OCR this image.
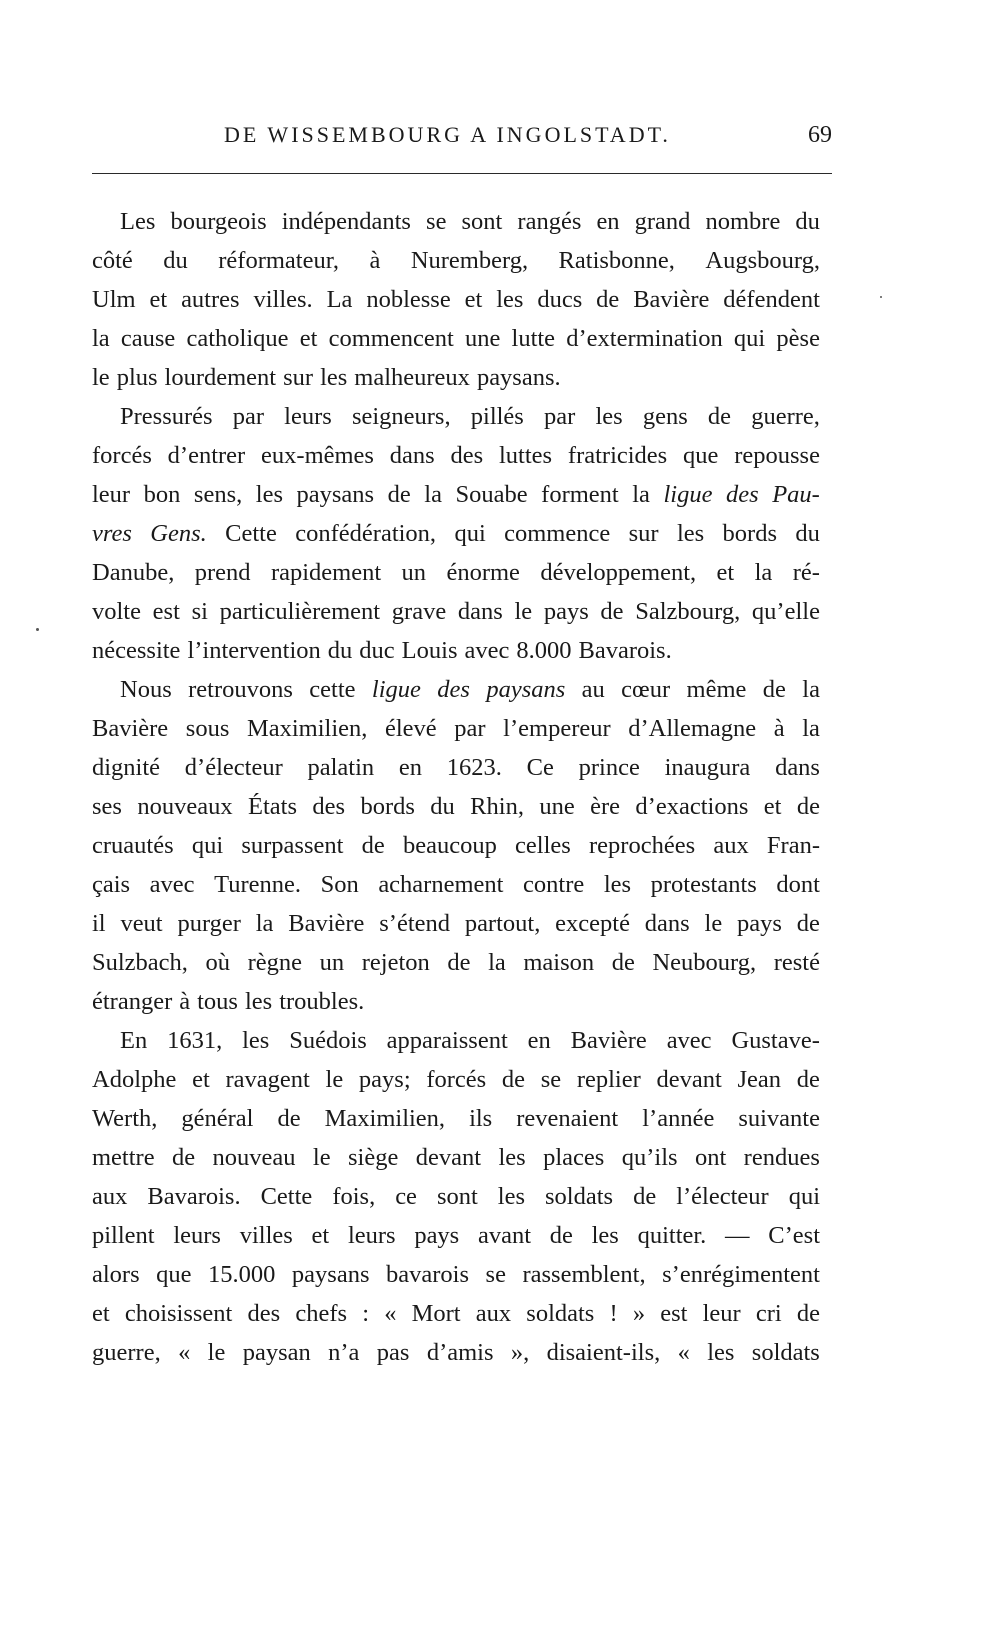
DE WISSEMBOURG A INGOLSTADT.	69
Les bourgeois indépendants se sont rangés en grand nombre du
côté du réformateur, à Nuremberg, Ratisbonne, Augsbourg,
Ulm et autres villes. La noblesse et les ducs de Bavière défendent
la cause catholique et commencent une lutte d’extermination qui pèse
le plus lourdement sur les malheureux paysans.
Pressurés par leurs seigneurs, pillés par les gens de guerre,
forcés d’entrer eux-mêmes dans des luttes fratricides que repousse
leur bon sens, les paysans de la Souabe forment la ligue des Pau-
vres Gens. Cette confédération, qui commence sur les bords du
Danube, prend rapidement un énorme développement, et la ré-
volte est si particulièrement grave dans le pays de Salzbourg, qu’elle
nécessite l’intervention du duc Louis avec 8.000 Bavarois.
Nous retrouvons cette ligue des paysans au cœur même de la
Bavière sous Maximilien, élevé par l’empereur d’Allemagne à la
dignité d’électeur palatin en 1623. Ce prince inaugura dans
ses nouveaux États des bords du Rhin, une ère d’exactions et de
cruautés qui surpassent de beaucoup celles reprochées aux Fran-
çais avec Turenne. Son acharnement contre les protestants dont
il veut purger la Bavière s’étend partout, excepté dans le pays de
Sulzbach, où règne un rejeton de la maison de Neubourg, resté
étranger à tous les troubles.
En 1631, les Suédois apparaissent en Bavière avec Gustave-
Adolphe et ravagent le pays; forcés de se replier devant Jean de
Werth, général de Maximilien, ils revenaient l’année suivante
mettre de nouveau le siège devant les places qu’ils ont rendues
aux Bavarois. Cette fois, ce sont les soldats de l’électeur qui
pillent leurs villes et leurs pays avant de les quitter. — C’est
alors que 15.000 paysans bavarois se rassemblent, s’enrégimentent
et choisissent des chefs : « Mort aux soldats ! » est leur cri de
guerre, « le paysan n’a pas d’amis », disaient-ils, « les soldats
